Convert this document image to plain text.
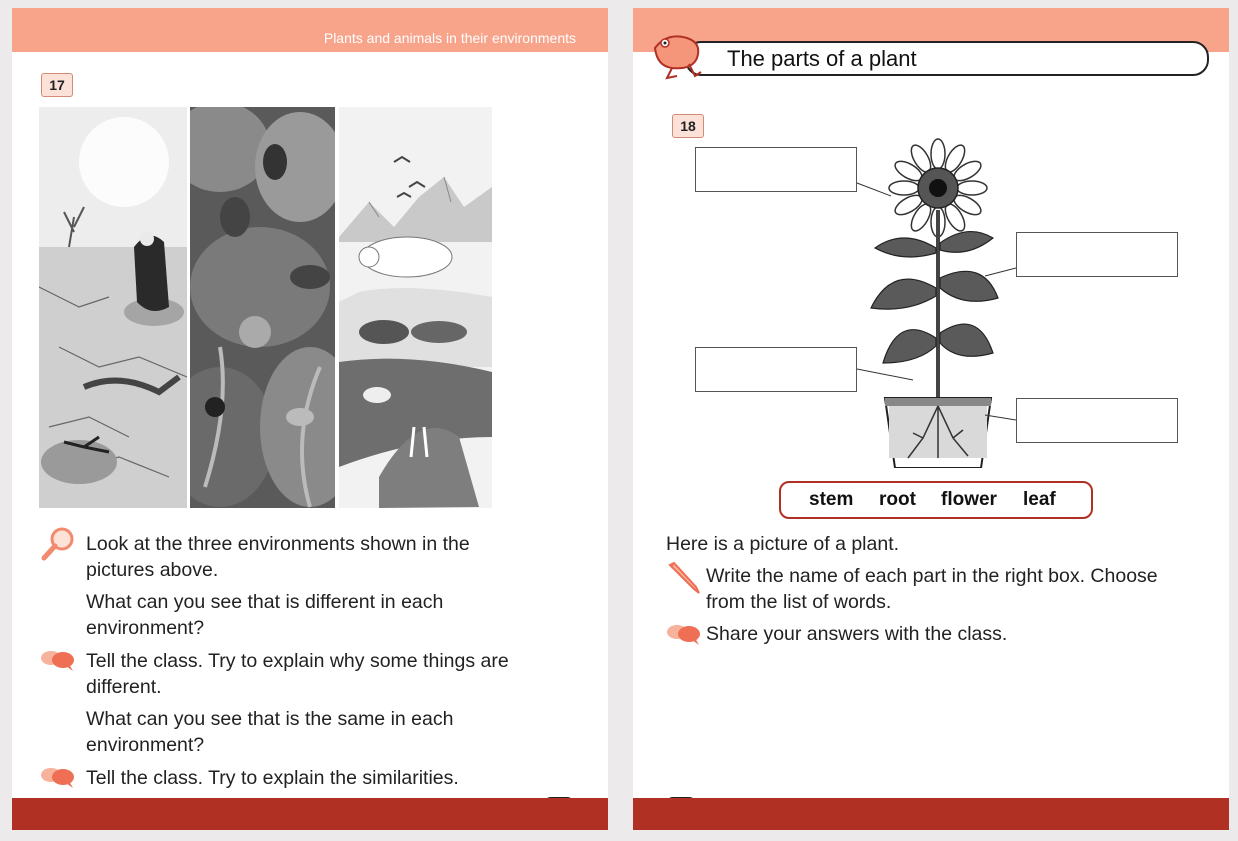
Plants and animals in their environments
17
Look at the three environments shown in the pictures above.
What can you see that is different in each environment?
Tell the class. Try to explain why some things are different.
What can you see that is the same in each environment?
Tell the class. Try to explain the similarities.
The parts of a plant
18
stem root flower leaf
Here is a picture of a plant.
Write the name of each part in the right box. Choose from the list of words.
Share your answers with the class.
